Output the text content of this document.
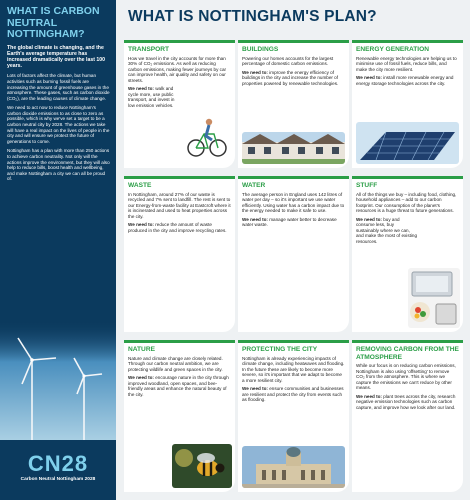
WHAT IS CARBON NEUTRAL NOTTINGHAM?
The global climate is changing, and the Earth's average temperature has increased dramatically over the last 100 years.
Lots of factors affect the climate, but human activities such as burning fossil fuels are increasing the amount of greenhouse gases in the atmosphere. These gases, such as carbon dioxide (CO₂), are the leading causes of climate change.
We need to act now to reduce Nottingham's carbon dioxide emissions to as close to zero as possible, which is why we've set a target to be a carbon neutral city by 2028. The actions we take will have a real impact on the lives of people in the city and will ensure we protect the future of generations to come.
Nottingham has a plan with more than 250 actions to achieve carbon neutrality. Not only will the actions improve the environment, but they will also help to reduce bills, boost health and wellbeing, and make Nottingham a city we can all be proud of.
CN28
Carbon Neutral Nottingham 2028
WHAT IS NOTTINGHAM'S PLAN?
TRANSPORT

How we travel in the city accounts for more than 30% of CO₂ emissions. As well as reducing carbon emissions, making fewer journeys by car can improve health, air quality and safety on our streets.

We need to: walk and cycle more, use public transport, and invest in low emission vehicles.

BUILDINGS

Powering our homes accounts for the largest percentage of domestic carbon emissions.

We need to: improve the energy efficiency of buildings in the city and increase the number of properties powered by renewable technologies.

ENERGY GENERATION

Renewable energy technologies are helping us to minimise use of fossil fuels, reduce bills, and make the city more resilient.

We need to: install more renewable energy and energy storage technologies across the city.

WASTE

In Nottingham, around 27% of our waste is recycled and 7% sent to landfill. The rest is sent to our Energy-from-waste facility at Eastcroft where it is incinerated and used to heat properties across the city.

We need to: reduce the amount of waste produced in the city and improve recycling rates.

WATER

The average person in England uses 142 litres of water per day – so it's important we use water efficiently. Using water has a carbon impact due to the energy needed to make it safe to use.

We need to: manage water better to decrease water waste.

STUFF

All of the things we buy – including food, clothing, household appliances – add to our carbon footprint. Our consumption of the planet's resources is a huge threat to future generations.

We need to: buy and consume less, buy sustainably where we can, and make the most of existing resources.

NATURE

Nature and climate change are closely related. Through our carbon neutral ambition, we are protecting wildlife and green spaces in the city.

We need to: encourage nature in the city through improved woodland, open spaces, and bee-friendly areas and enhance the natural beauty of the city.

PROTECTING THE CITY

Nottingham is already experiencing impacts of climate change, including heatwaves and flooding. In the future these are likely to become more severe, so it's important that we adapt to become a more resilient city.

We need to: ensure communities and businesses are resilient and protect the city from events such as flooding.

REMOVING CARBON FROM THE ATMOSPHERE

While our focus is on reducing carbon emissions, Nottingham is also using 'offsetting' to remove CO₂ from the atmosphere. This is where we capture the emissions we can't reduce by other means.

We need to: plant trees across the city, research negative emission technologies such as carbon capture, and improve how we look after our land.
